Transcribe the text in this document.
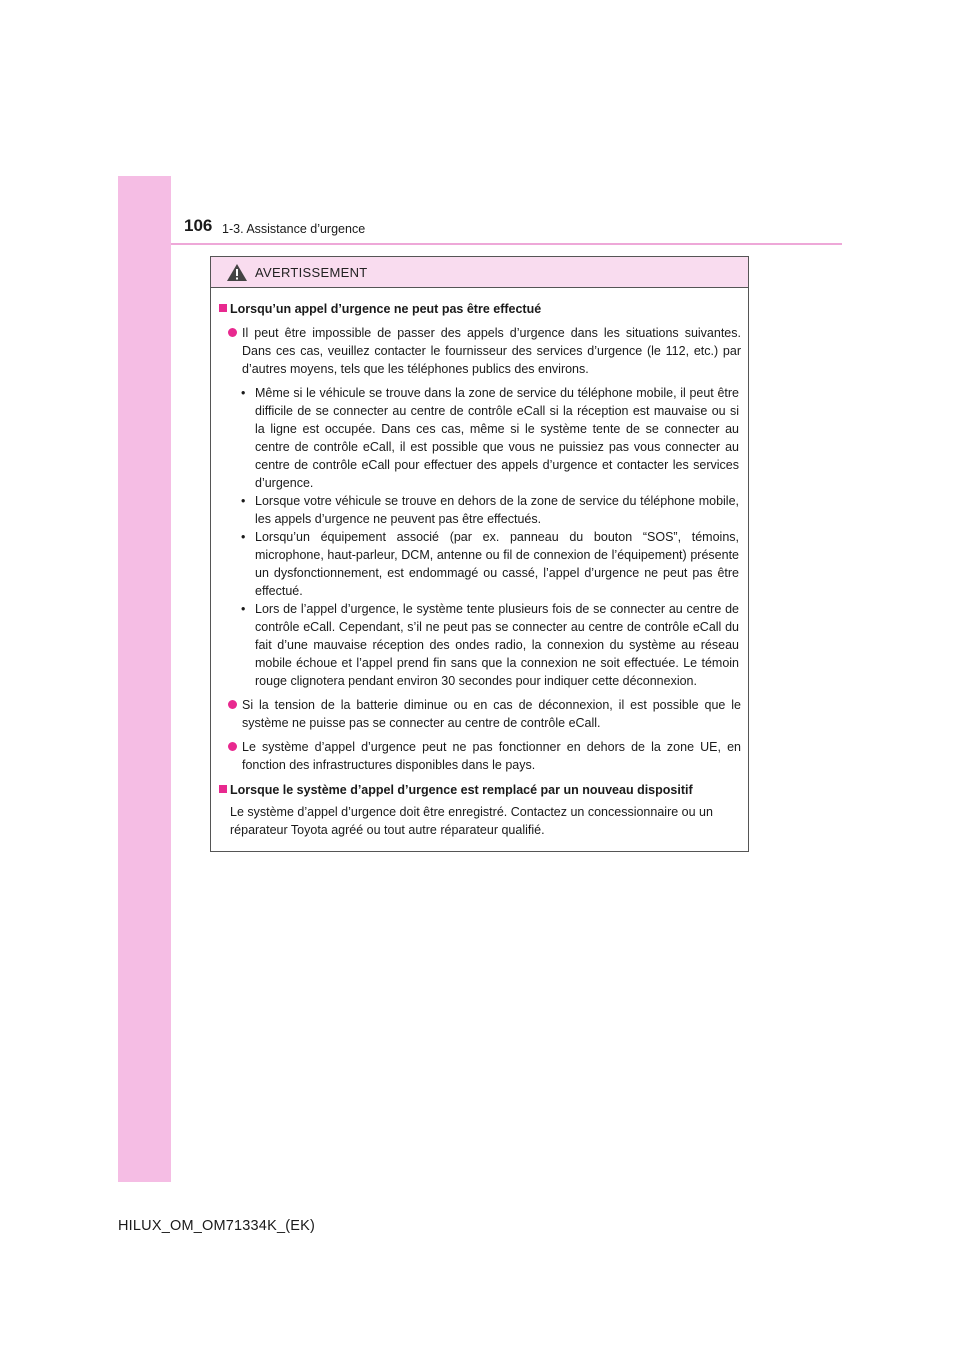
106 1-3. Assistance d’urgence
AVERTISSEMENT
Lorsqu’un appel d’urgence ne peut pas être effectué
Il peut être impossible de passer des appels d’urgence dans les situations suivantes. Dans ces cas, veuillez contacter le fournisseur des services d’urgence (le 112, etc.) par d’autres moyens, tels que les téléphones publics des environs.
• Même si le véhicule se trouve dans la zone de service du téléphone mobile, il peut être difficile de se connecter au centre de contrôle eCall si la réception est mauvaise ou si la ligne est occupée. Dans ces cas, même si le système tente de se connecter au centre de contrôle eCall, il est possible que vous ne puissiez pas vous connecter au centre de contrôle eCall pour effectuer des appels d’urgence et contacter les services d’urgence.
• Lorsque votre véhicule se trouve en dehors de la zone de service du téléphone mobile, les appels d’urgence ne peuvent pas être effectués.
• Lorsqu’un équipement associé (par ex. panneau du bouton “SOS”, témoins, microphone, haut-parleur, DCM, antenne ou fil de connexion de l’équipement) présente un dysfonctionnement, est endommagé ou cassé, l’appel d’urgence ne peut pas être effectué.
• Lors de l’appel d’urgence, le système tente plusieurs fois de se connecter au centre de contrôle eCall. Cependant, s’il ne peut pas se connecter au centre de contrôle eCall du fait d’une mauvaise réception des ondes radio, la connexion du système au réseau mobile échoue et l’appel prend fin sans que la connexion ne soit effectuée. Le témoin rouge clignotera pendant environ 30 secondes pour indiquer cette déconnexion.
Si la tension de la batterie diminue ou en cas de déconnexion, il est possible que le système ne puisse pas se connecter au centre de contrôle eCall.
Le système d’appel d’urgence peut ne pas fonctionner en dehors de la zone UE, en fonction des infrastructures disponibles dans le pays.
Lorsque le système d’appel d’urgence est remplacé par un nouveau dispositif
Le système d’appel d’urgence doit être enregistré. Contactez un concessionnaire ou un réparateur Toyota agréé ou tout autre réparateur qualifié.
HILUX_OM_OM71334K_(EK)
